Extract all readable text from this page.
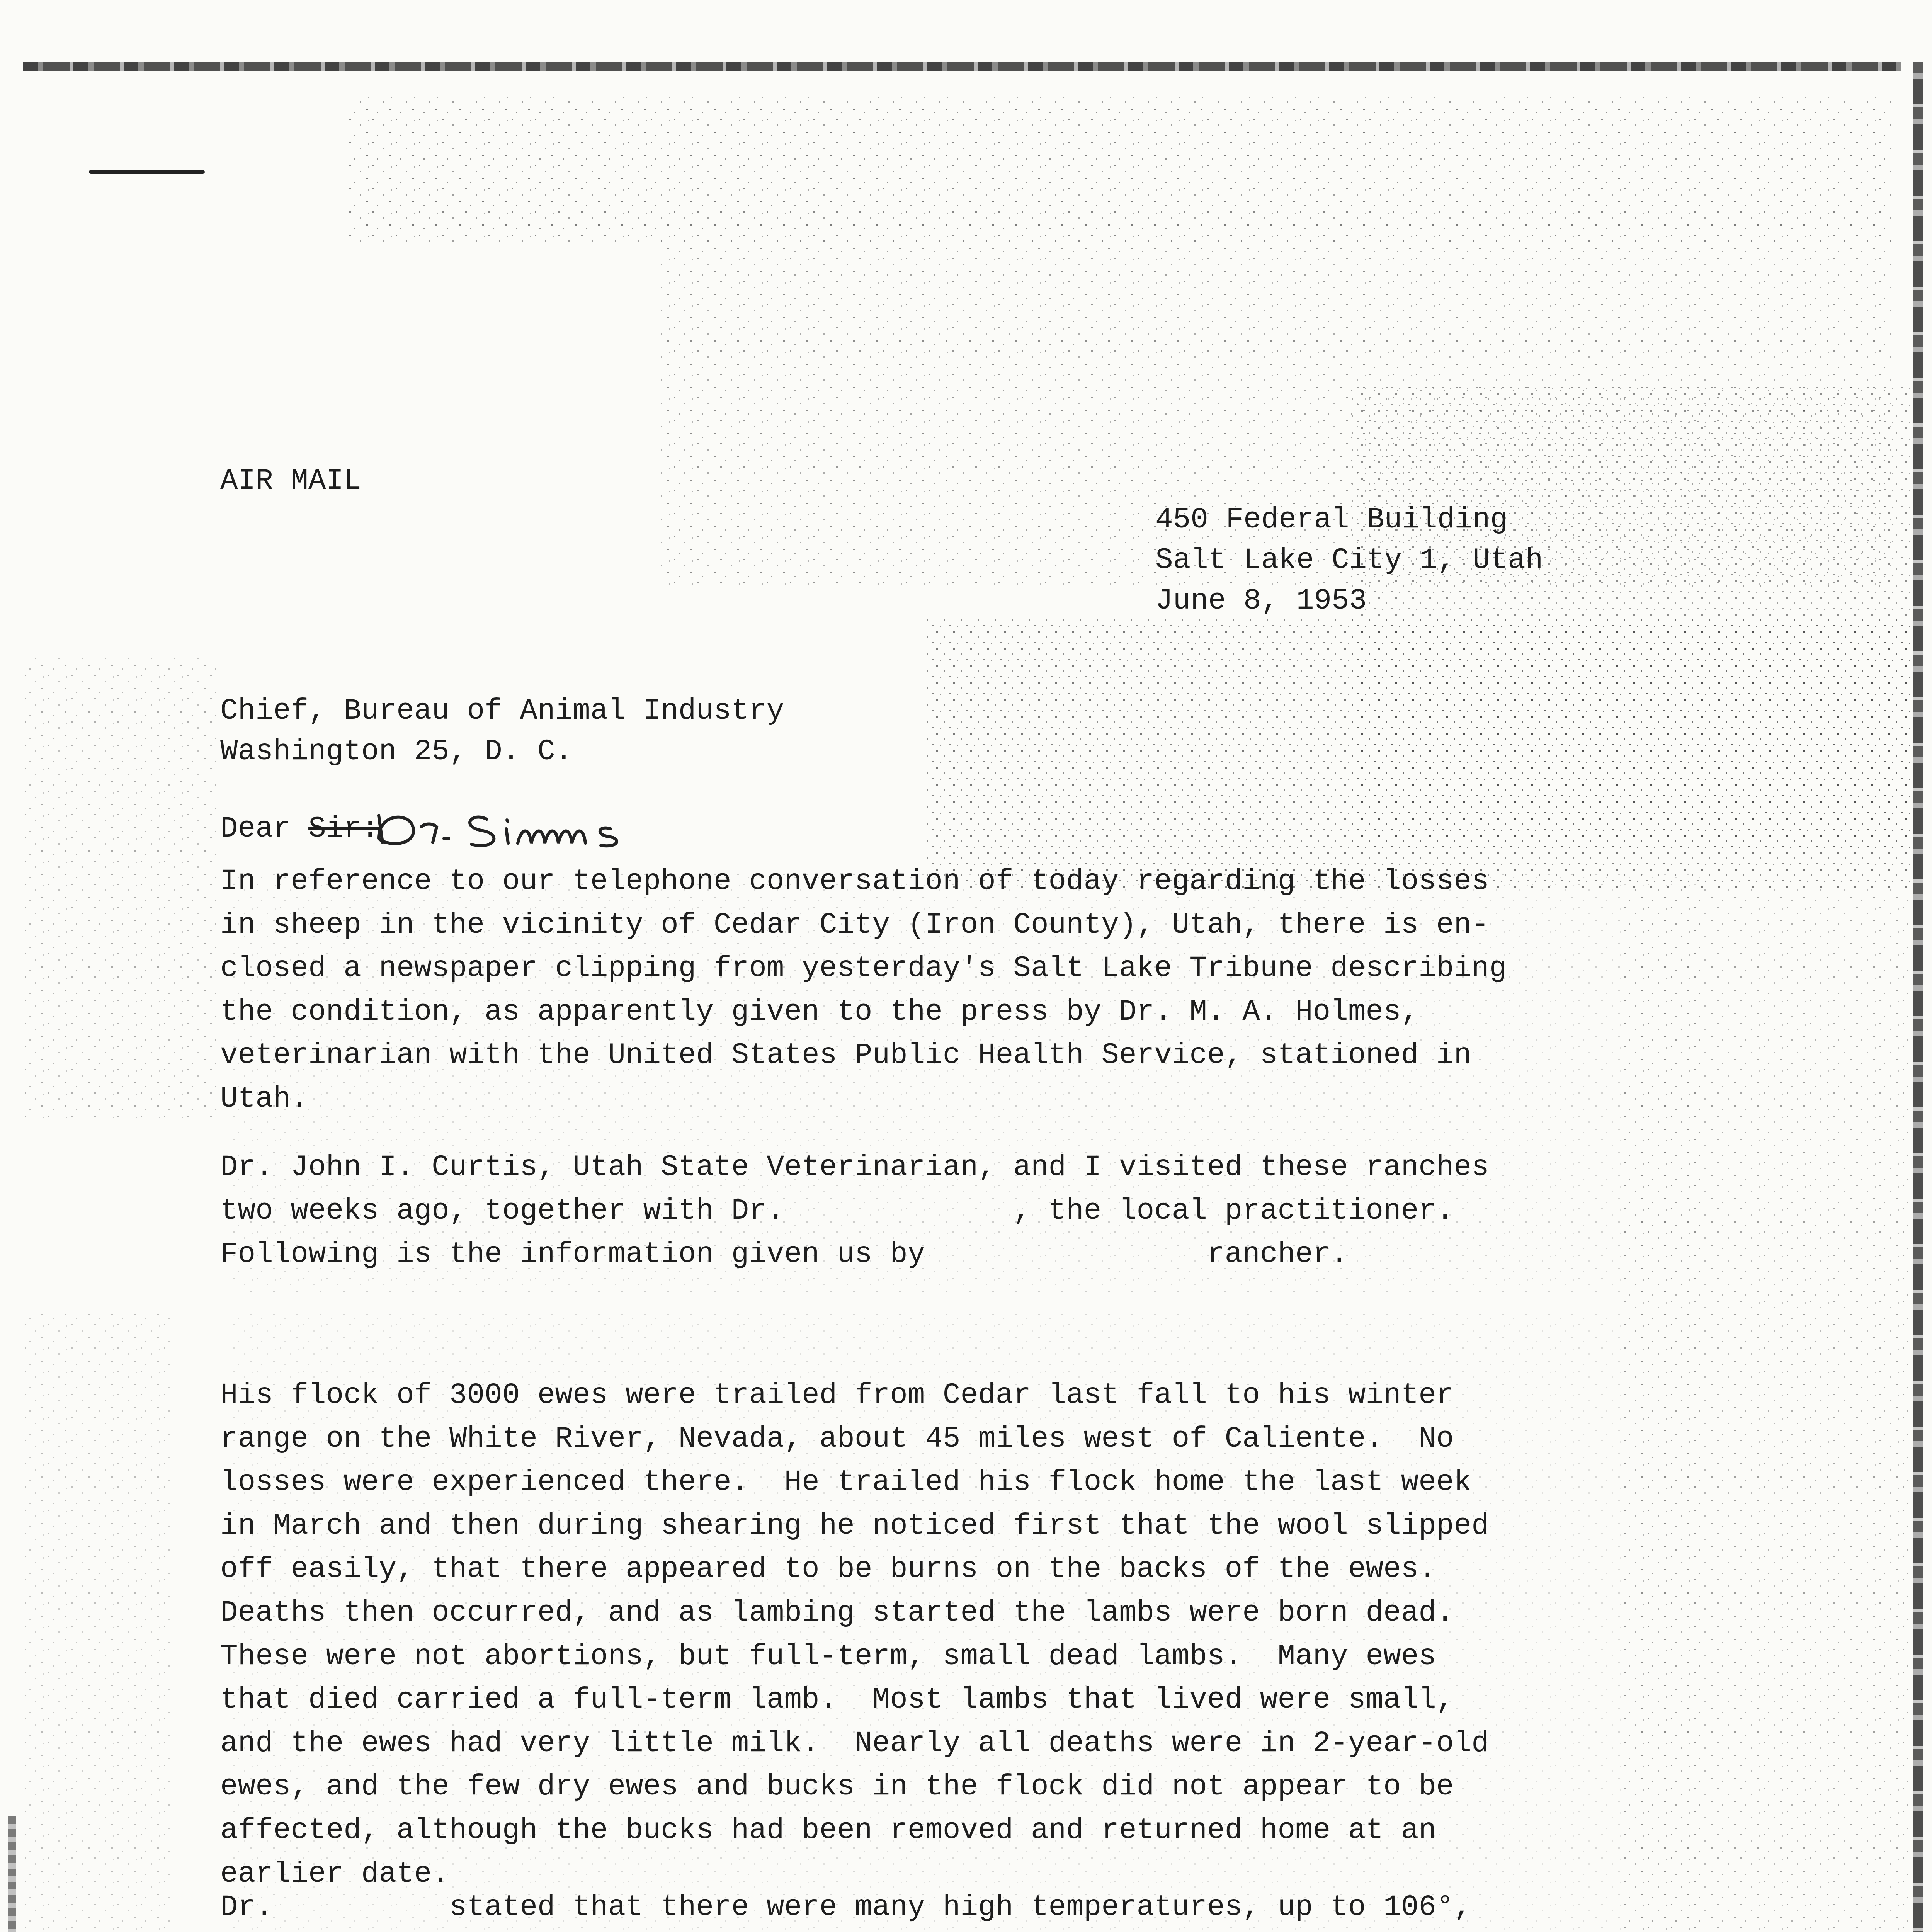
AIR MAIL
450 Federal Building
Salt Lake City 1, Utah
June 8, 1953
Chief, Bureau of Animal Industry
Washington 25, D. C.
Dear Sir:
In reference to our telephone conversation of today regarding the losses
in sheep in the vicinity of Cedar City (Iron County), Utah, there is en-
closed a newspaper clipping from yesterday's Salt Lake Tribune describing
the condition, as apparently given to the press by Dr. M. A. Holmes,
veterinarian with the United States Public Health Service, stationed in
Utah.
Dr. John I. Curtis, Utah State Veterinarian, and I visited these ranches
two weeks ago, together with Dr.             , the local practitioner.
Following is the information given us by                rancher.
His flock of 3000 ewes were trailed from Cedar last fall to his winter
range on the White River, Nevada, about 45 miles west of Caliente.  No
losses were experienced there.  He trailed his flock home the last week
in March and then during shearing he noticed first that the wool slipped
off easily, that there appeared to be burns on the backs of the ewes.
Deaths then occurred, and as lambing started the lambs were born dead.
These were not abortions, but full-term, small dead lambs.  Many ewes
that died carried a full-term lamb.  Most lambs that lived were small,
and the ewes had very little milk.  Nearly all deaths were in 2-year-old
ewes, and the few dry ewes and bucks in the flock did not appear to be
affected, although the bucks had been removed and returned home at an
earlier date.
Dr.          stated that there were many high temperatures, up to 106°,
